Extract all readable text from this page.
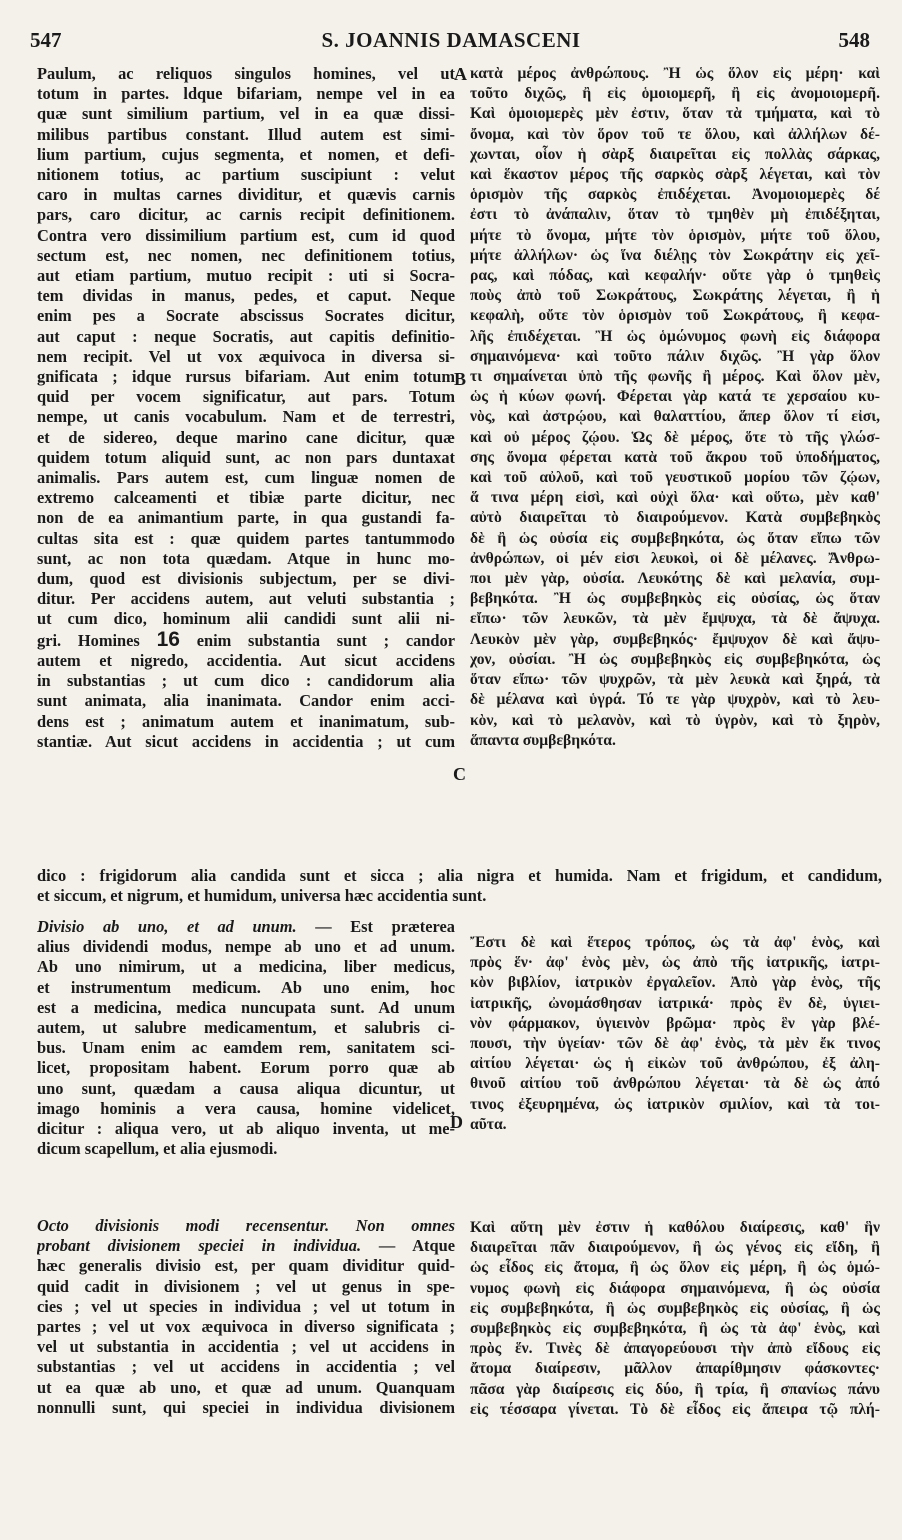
547	S. JOANNIS DAMASCENI	548
Paulum, ac reliquos singulos homines, vel ut
totum in partes. ldque bifariam, nempe vel in ea
quæ sunt similium partium, vel in ea quæ dissi-
milibus partibus constant. Illud autem est simi-
lium partium, cujus segmenta, et nomen, et defi-
nitionem totius, ac partium suscipiunt : velut
caro in multas carnes dividitur, et quævis carnis
pars, caro dicitur, ac carnis recipit definitionem.
Contra vero dissimilium partium est, cum id quod
sectum est, nec nomen, nec definitionem totius,
aut etiam partium, mutuo recipit : uti si Socra-
tem dividas in manus, pedes, et caput. Neque
enim pes a Socrate abscissus Socrates dicitur,
aut caput : neque Socratis, aut capitis definitio-
nem recipit. Vel ut vox æquivoca in diversa si-
gnificata ; idque rursus bifariam. Aut enim totum
quid per vocem significatur, aut pars. Totum
nempe, ut canis vocabulum. Nam et de terrestri,
et de sidereo, deque marino cane dicitur, quæ
quidem totum aliquid sunt, ac non pars duntaxat
animalis. Pars autem est, cum linguæ nomen de
extremo calceamenti et tibiæ parte dicitur, nec
non de ea animantium parte, in qua gustandi fa-
cultas sita est : quæ quidem partes tantummodo
sunt, ac non tota quædam. Atque in hunc mo-
dum, quod est divisionis subjectum, per se divi-
ditur. Per accidens autem, aut veluti substantia ;
ut cum dico, hominum alii candidi sunt alii ni-
gri. Homines 16 enim substantia sunt ; candor
autem et nigredo, accidentia. Aut sicut accidens
in substantias ; ut cum dico : candidorum alia
sunt animata, alia inanimata. Candor enim acci-
dens est ; animatum autem et inanimatum, sub-
stantiæ. Aut sicut accidens in accidentia ; ut cum
κατὰ μέρος ἀνθρώπους. Ἢ ὡς ὅλον εἰς μέρη· καὶ
τοῦτο διχῶς, ἢ εἰς ὁμοιομερῆ, ἢ εἰς ἀνομοιομερῆ.
Καὶ ὁμοιομερὲς μὲν ἐστιν, ὅταν τὰ τμήματα, καὶ τὸ
ὄνομα, καὶ τὸν ὅρον τοῦ τε ὅλου, καὶ ἀλλήλων δέ-
χωνται, οἷον ἡ σὰρξ διαιρεῖται εἰς πολλὰς σάρκας,
καὶ ἕκαστον μέρος τῆς σαρκὸς σὰρξ λέγεται, καὶ τὸν
ὁρισμὸν τῆς σαρκὸς ἐπιδέχεται. Ἀνομοιομερὲς δέ
ἐστι τὸ ἀνάπαλιν, ὅταν τὸ τμηθὲν μὴ ἐπιδέξηται,
μήτε τὸ ὄνομα, μήτε τὸν ὁρισμὸν, μήτε τοῦ ὅλου,
μήτε ἀλλήλων· ὡς ἵνα διέλῃς τὸν Σωκράτην εἰς χεῖ-
ρας, καὶ πόδας, καὶ κεφαλήν· οὔτε γὰρ ὁ τμηθεὶς
ποὺς ἀπὸ τοῦ Σωκράτους, Σωκράτης λέγεται, ἢ ἡ
κεφαλὴ, οὔτε τὸν ὁρισμὸν τοῦ Σωκράτους, ἢ κεφα-
λῆς ἐπιδέχεται. Ἢ ὡς ὁμώνυμος φωνὴ εἰς διάφορα
σημαινόμενα· καὶ τοῦτο πάλιν διχῶς. Ἢ γὰρ ὅλον
τι σημαίνεται ὑπὸ τῆς φωνῆς ἢ μέρος. Καὶ ὅλον μὲν,
ὡς ἡ κύων φωνή. Φέρεται γὰρ κατά τε χερσαίου κυ-
νὸς, καὶ ἀστρῴου, καὶ θαλαττίου, ἅπερ ὅλον τί εἰσι,
καὶ οὐ μέρος ζῴου. Ὡς δὲ μέρος, ὅτε τὸ τῆς γλώσ-
σης ὄνομα φέρεται κατὰ τοῦ ἄκρου τοῦ ὑποδήματος,
καὶ τοῦ αὐλοῦ, καὶ τοῦ γευστικοῦ μορίου τῶν ζῴων,
ἅ τινα μέρη εἰσὶ, καὶ οὐχὶ ὅλα· καὶ οὕτω, μὲν καθ'
αὐτὸ διαιρεῖται τὸ διαιρούμενον. Κατὰ συμβεβηκὸς
δὲ ἢ ὡς οὐσία εἰς συμβεβηκότα, ὡς ὅταν εἴπω τῶν
ἀνθρώπων, οἱ μέν εἰσι λευκοὶ, οἱ δὲ μέλανες. Ἄνθρω-
ποι μὲν γὰρ, οὐσία. Λευκότης δὲ καὶ μελανία, συμ-
βεβηκότα. Ἢ ὡς συμβεβηκὸς εἰς οὐσίας, ὡς ὅταν
εἴπω· τῶν λευκῶν, τὰ μὲν ἔμψυχα, τὰ δὲ ἄψυχα.
Λευκὸν μὲν γὰρ, συμβεβηκός· ἔμψυχον δὲ καὶ ἄψυ-
χον, οὐσίαι. Ἢ ὡς συμβεβηκὸς εἰς συμβεβηκότα, ὡς
ὅταν εἴπω· τῶν ψυχρῶν, τὰ μὲν λευκὰ καὶ ξηρά, τὰ
δὲ μέλανα καὶ ὑγρά. Τό τε γὰρ ψυχρὸν, καὶ τὸ λευ-
κὸν, καὶ τὸ μελανὸν, καὶ τὸ ὑγρὸν, καὶ τὸ ξηρὸν,
ἅπαντα συμβεβηκότα.
dico : frigidorum alia candida sunt et sicca ; alia nigra et humida. Nam et frigidum, et candidum,
et siccum, et nigrum, et humidum, universa hæc accidentia sunt.
Divisio ab uno, et ad unum. — Est præterea
alius dividendi modus, nempe ab uno et ad unum.
Ab uno nimirum, ut a medicina, liber medicus,
et instrumentum medicum. Ab uno enim, hoc
est a medicina, medica nuncupata sunt. Ad unum
autem, ut salubre medicamentum, et salubris ci-
bus. Unam enim ac eamdem rem, sanitatem sci-
licet, propositam habent. Eorum porro quæ ab
uno sunt, quædam a causa aliqua dicuntur, ut
imago hominis a vera causa, homine videlicet,
dicitur : aliqua vero, ut ab aliquo inventa, ut me-
dicum scapellum, et alia ejusmodi.
Ἔστι δὲ καὶ ἕτερος τρόπος, ὡς τὰ ἀφ' ἑνὸς, καὶ
πρὸς ἕν· ἀφ' ἑνὸς μὲν, ὡς ἀπὸ τῆς ἰατρικῆς, ἰατρι-
κὸν βιβλίον, ἰατρικὸν ἐργαλεῖον. Ἀπὸ γὰρ ἑνὸς, τῆς
ἰατρικῆς, ὠνομάσθησαν ἰατρικά· πρὸς ἓν δὲ, ὑγιει-
νὸν φάρμακον, ὑγιεινὸν βρῶμα· πρὸς ἓν γὰρ βλέ-
πουσι, τὴν ὑγείαν· τῶν δὲ ἀφ' ἑνὸς, τὰ μὲν ἔκ τινος
αἰτίου λέγεται· ὡς ἡ εἰκὼν τοῦ ἀνθρώπου, ἐξ ἀλη-
θινοῦ αἰτίου τοῦ ἀνθρώπου λέγεται· τὰ δὲ ὡς ἀπό
τινος ἐξευρημένα, ὡς ἰατρικὸν σμιλίον, καὶ τὰ τοι-
αῦτα.
Octo divisionis modi recensentur. Non omnes
probant divisionem speciei in individua. — Atque
hæc generalis divisio est, per quam dividitur quid-
quid cadit in divisionem ; vel ut genus in spe-
cies ; vel ut species in individua ; vel ut totum in
partes ; vel ut vox æquivoca in diverso significata ;
vel ut substantia in accidentia ; vel ut accidens in
substantias ; vel ut accidens in accidentia ; vel
ut ea quæ ab uno, et quæ ad unum. Quanquam
nonnulli sunt, qui speciei in individua divisionem
Καὶ αὕτη μὲν ἐστιν ἡ καθόλου διαίρεσις, καθ' ἣν
διαιρεῖται πᾶν διαιρούμενον, ἢ ὡς γένος εἰς εἴδη, ἢ
ὡς εἶδος εἰς ἄτομα, ἢ ὡς ὅλον εἰς μέρη, ἢ ὡς ὁμώ-
νυμος φωνὴ εἰς διάφορα σημαινόμενα, ἢ ὡς οὐσία
εἰς συμβεβηκότα, ἢ ὡς συμβεβηκὸς εἰς οὐσίας, ἢ ὡς
συμβεβηκὸς εἰς συμβεβηκότα, ἢ ὡς τὰ ἀφ' ἑνὸς, καὶ
πρὸς ἕν. Τινὲς δὲ ἀπαγορεύουσι τὴν ἀπὸ εἴδους εἰς
ἄτομα διαίρεσιν, μᾶλλον ἀπαρίθμησιν φάσκοντες·
πᾶσα γὰρ διαίρεσις εἰς δύο, ἢ τρία, ἢ σπανίως πάνυ
εἰς τέσσαρα γίνεται. Τὸ δὲ εἶδος εἰς ἄπειρα τῷ πλή-
A
B
C
D
